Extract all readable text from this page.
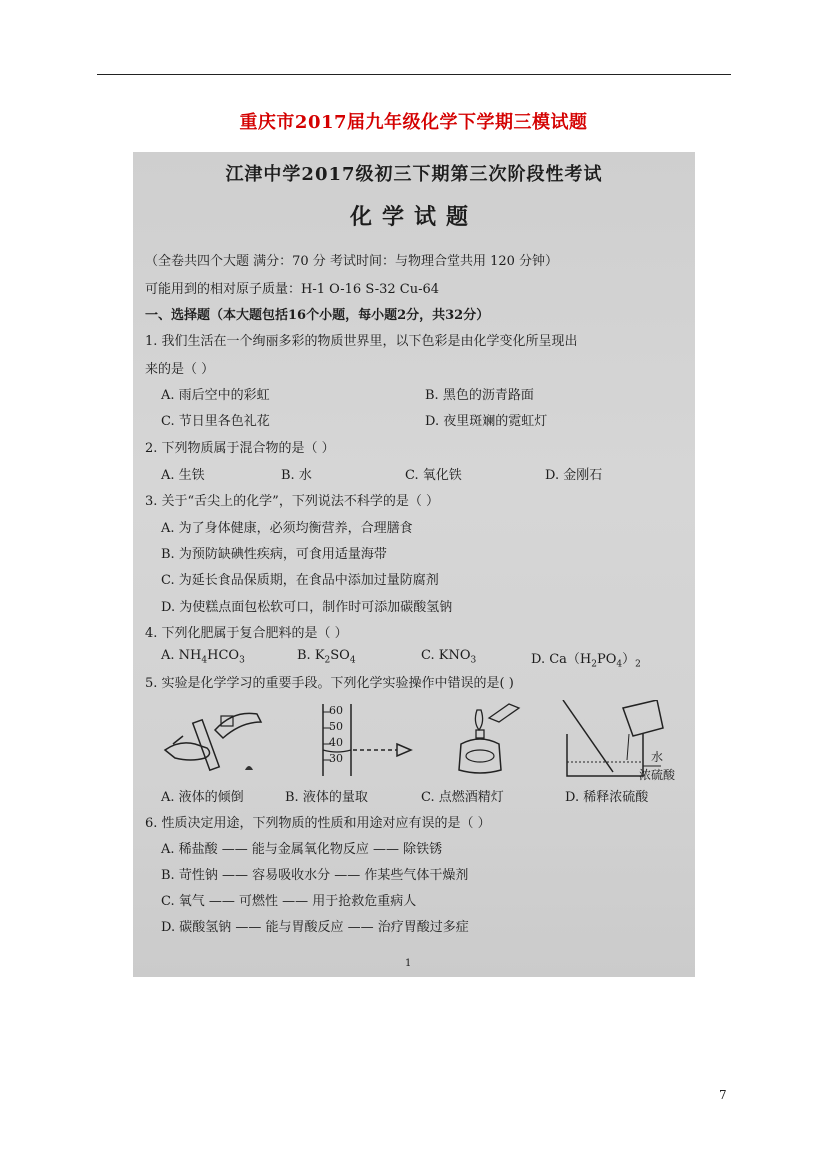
重庆市2017届九年级化学下学期三模试题
江津中学2017级初三下期第三次阶段性考试
化学试题
（全卷共四个大题 满分：70 分 考试时间：与物理合堂共用 120 分钟）
可能用到的相对原子质量：H-1 O-16 S-32 Cu-64
一、选择题（本大题包括16个小题，每小题2分，共32分）
1. 我们生活在一个绚丽多彩的物质世界里，以下色彩是由化学变化所呈现出
来的是（ ）
A. 雨后空中的彩虹	B. 黑色的沥青路面
C. 节日里各色礼花	D. 夜里斑斓的霓虹灯
2. 下列物质属于混合物的是（ ）
A. 生铁	B. 水	C. 氧化铁	D. 金刚石
3. 关于“舌尖上的化学”，下列说法不科学的是（ ）
A. 为了身体健康，必须均衡营养，合理膳食
B. 为预防缺碘性疾病，可食用适量海带
C. 为延长食品保质期，在食品中添加过量防腐剂
D. 为使糕点面包松软可口，制作时可添加碳酸氢钠
4. 下列化肥属于复合肥料的是（ ）
A. $NH_4HCO_3$	B. $K_2SO_4$	C. $KNO_3$	D. $Ca(H_2PO_4)_2$
5. 实验是化学学习的重要手段。下列化学实验操作中错误的是( )
60
50
40
30	水
浓硫酸
A. 液体的倾倒	B. 液体的量取	C. 点燃酒精灯	D. 稀释浓硫酸
6. 性质决定用途，下列物质的性质和用途对应有误的是（ ）
A. 稀盐酸 —— 能与金属氧化物反应 —— 除铁锈
B. 苛性钠 —— 容易吸收水分 —— 作某些气体干燥剂
C. 氧气 —— 可燃性 —— 用于抢救危重病人
D. 碳酸氢钠 —— 能与胃酸反应 —— 治疗胃酸过多症
1
7
